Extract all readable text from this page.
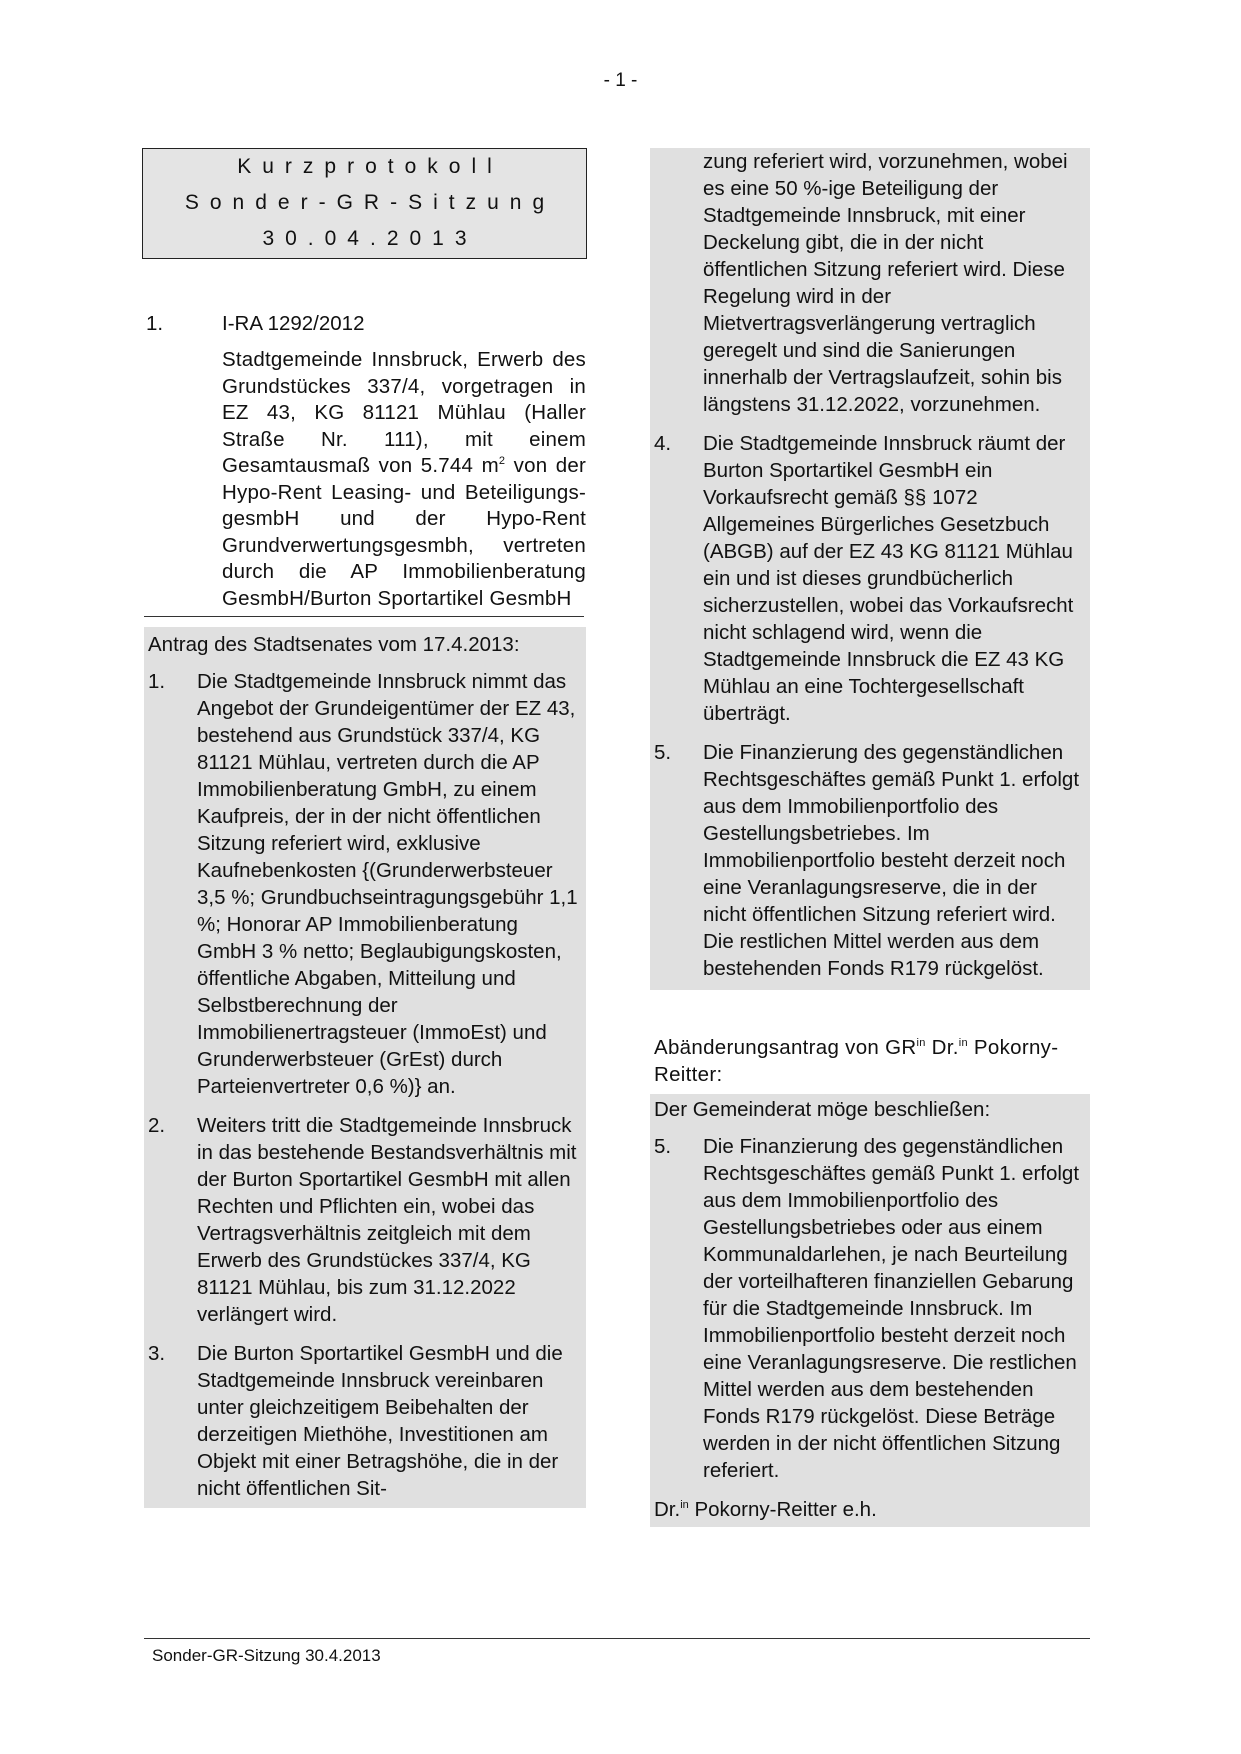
- 1 -
Kurzprotokoll
Sonder-GR-Sitzung
30.04.2013
1.	I-RA 1292/2012
Stadtgemeinde Innsbruck, Erwerb des Grundstückes 337/4, vorgetragen in EZ 43, KG 81121 Mühlau (Haller Straße Nr. 111), mit einem Gesamtausmaß von 5.744 $m^2$ von der Hypo-Rent Leasing- und Beteiligungs-gesmbH und der Hypo-Rent Grundverwertungsgesmbh, vertreten durch die AP Immobilienberatung GesmbH/Burton Sportartikel GesmbH
Antrag des Stadtsenates vom 17.4.2013:
1.	Die Stadtgemeinde Innsbruck nimmt das Angebot der Grundeigentümer der EZ 43, bestehend aus Grundstück 337/4, KG 81121 Mühlau, vertreten durch die AP Immobilienberatung GmbH, zu einem Kaufpreis, der in der nicht öffentlichen Sitzung referiert wird, exklusive Kaufnebenkosten {(Grunderwerbsteuer 3,5 %; Grundbuchseintragungsgebühr 1,1 %; Honorar AP Immobilienberatung GmbH 3 % netto; Beglaubigungskosten, öffentliche Abgaben, Mitteilung und Selbstberechnung der Immobilienertragsteuer (ImmoEst) und Grunderwerbsteuer (GrEst) durch Parteienvertreter 0,6 %)} an.
2.	Weiters tritt die Stadtgemeinde Innsbruck in das bestehende Bestandsverhältnis mit der Burton Sportartikel GesmbH mit allen Rechten und Pflichten ein, wobei das Vertragsverhältnis zeitgleich mit dem Erwerb des Grundstückes 337/4, KG 81121 Mühlau, bis zum 31.12.2022 verlängert wird.
3.	Die Burton Sportartikel GesmbH und die Stadtgemeinde Innsbruck vereinbaren unter gleichzeitigem Beibehalten der derzeitigen Miethöhe, Investitionen am Objekt mit einer Betragshöhe, die in der nicht öffentlichen Sit-
zung referiert wird, vorzunehmen, wobei es eine 50 %-ige Beteiligung der Stadtgemeinde Innsbruck, mit einer Deckelung gibt, die in der nicht öffentlichen Sitzung referiert wird. Diese Regelung wird in der Mietvertragsverlängerung vertraglich geregelt und sind die Sanierungen innerhalb der Vertragslaufzeit, sohin bis längstens 31.12.2022, vorzunehmen.
4.	Die Stadtgemeinde Innsbruck räumt der Burton Sportartikel GesmbH ein Vorkaufsrecht gemäß §§ 1072 Allgemeines Bürgerliches Gesetzbuch (ABGB) auf der EZ 43 KG 81121 Mühlau ein und ist dieses grundbücherlich sicherzustellen, wobei das Vorkaufsrecht nicht schlagend wird, wenn die Stadtgemeinde Innsbruck die EZ 43 KG Mühlau an eine Tochtergesellschaft überträgt.
5.	Die Finanzierung des gegenständlichen Rechtsgeschäftes gemäß Punkt 1. erfolgt aus dem Immobilienportfolio des Gestellungsbetriebes. Im Immobilienportfolio besteht derzeit noch eine Veranlagungsreserve, die in der nicht öffentlichen Sitzung referiert wird. Die restlichen Mittel werden aus dem bestehenden Fonds R179 rückgelöst.
Abänderungsantrag von $GR^{in}$ Dr.$^{in}$ Pokorny-Reitter:
Der Gemeinderat möge beschließen:
5.	Die Finanzierung des gegenständlichen Rechtsgeschäftes gemäß Punkt 1. erfolgt aus dem Immobilienportfolio des Gestellungsbetriebes oder aus einem Kommunaldarlehen, je nach Beurteilung der vorteilhafteren finanziellen Gebarung für die Stadtgemeinde Innsbruck. Im Immobilienportfolio besteht derzeit noch eine Veranlagungsreserve. Die restlichen Mittel werden aus dem bestehenden Fonds R179 rückgelöst. Diese Beträge werden in der nicht öffentlichen Sitzung referiert.
Dr.$^{in}$ Pokorny-Reitter e.h.
Sonder-GR-Sitzung 30.4.2013
